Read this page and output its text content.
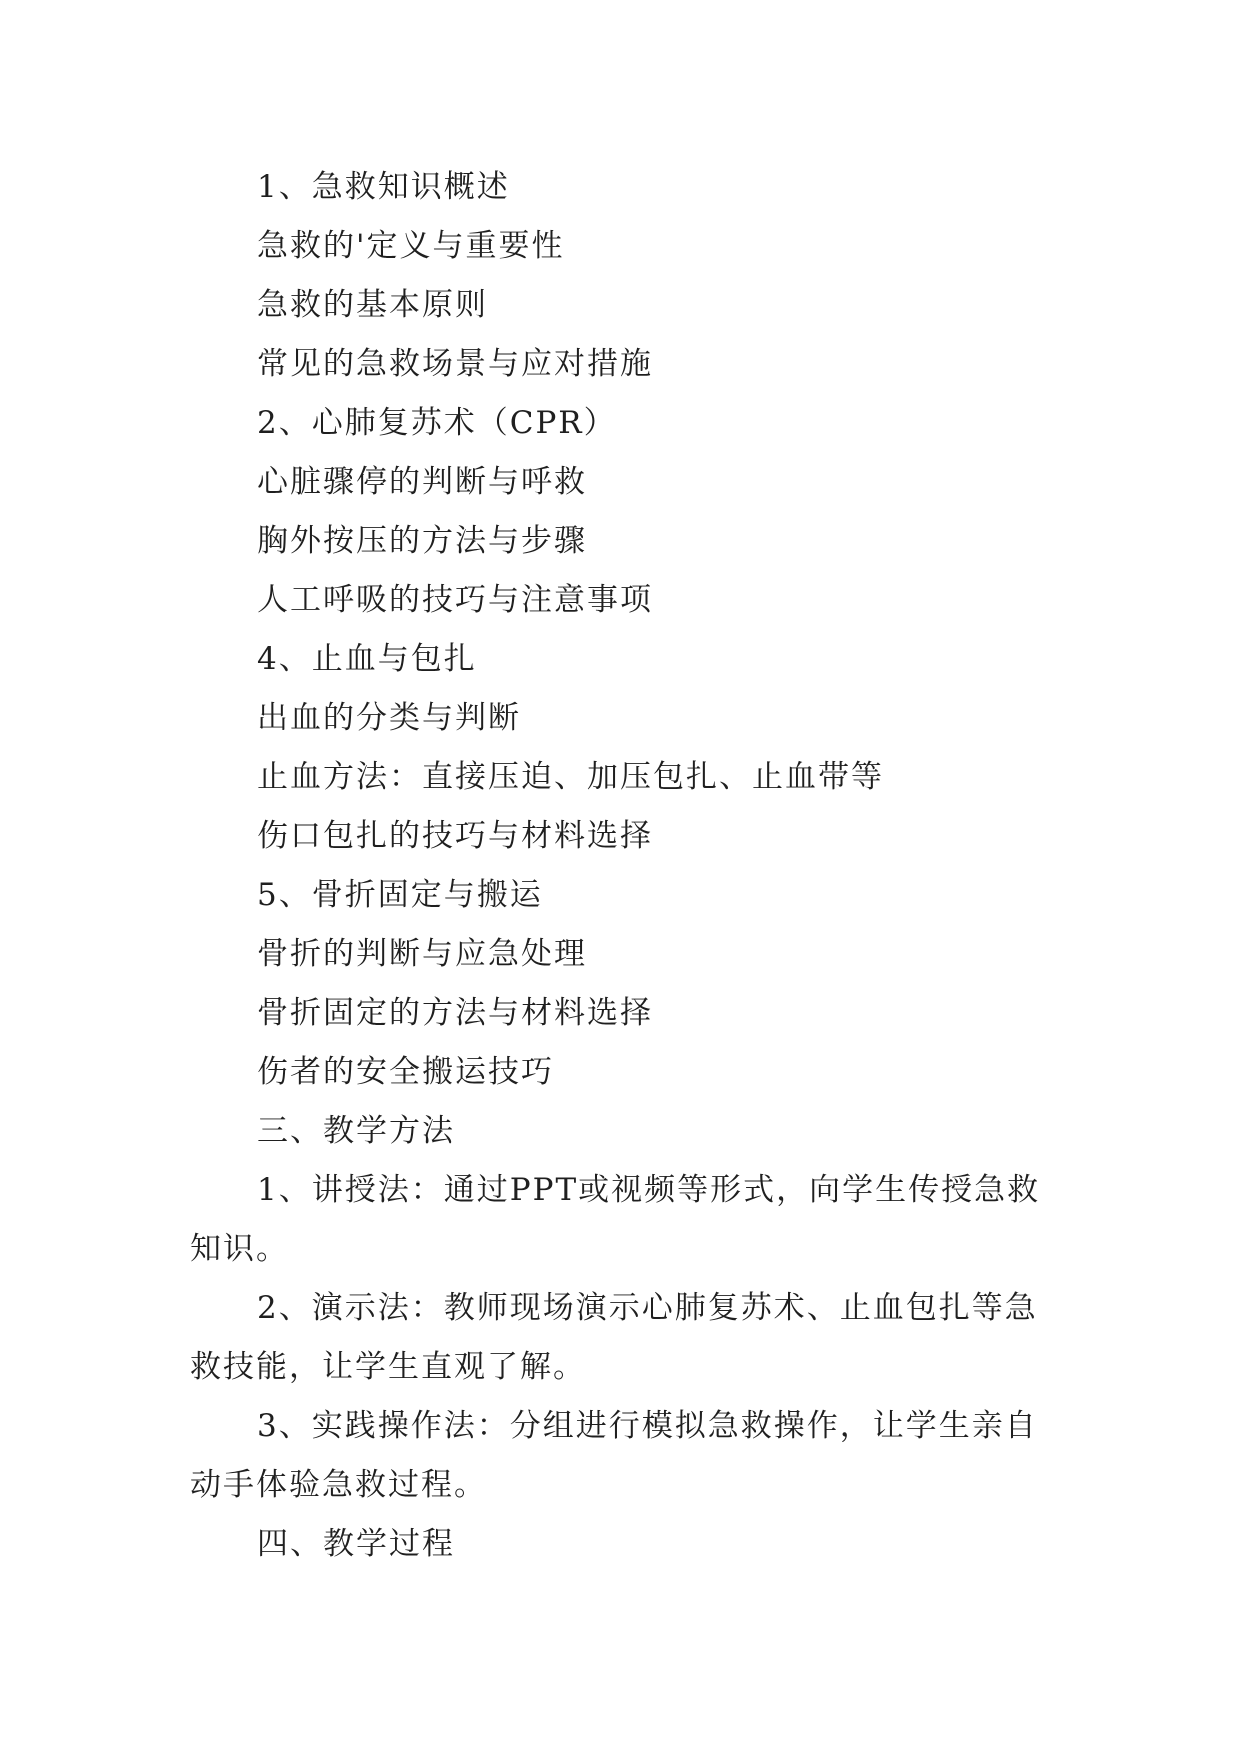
1、急救知识概述
急救的'定义与重要性
急救的基本原则
常见的急救场景与应对措施
2、心肺复苏术（CPR）
心脏骤停的判断与呼救
胸外按压的方法与步骤
人工呼吸的技巧与注意事项
4、止血与包扎
出血的分类与判断
止血方法：直接压迫、加压包扎、止血带等
伤口包扎的技巧与材料选择
5、骨折固定与搬运
骨折的判断与应急处理
骨折固定的方法与材料选择
伤者的安全搬运技巧
三、教学方法

1、讲授法：通过PPT或视频等形式，向学生传授急救知识。

2、演示法：教师现场演示心肺复苏术、止血包扎等急救技能，让学生直观了解。

3、实践操作法：分组进行模拟急救操作，让学生亲自动手体验急救过程。

四、教学过程
